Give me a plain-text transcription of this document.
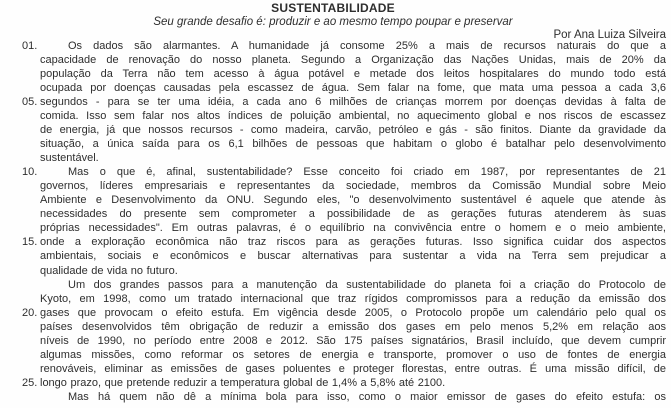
SUSTENTABILIDADE
Seu grande desafio é: produzir e ao mesmo tempo poupar e preservar
Por Ana Luiza Silveira
01.	Os dados são alarmantes. A humanidade já consome 25% a mais de recursos naturais do que a
capacidade de renovação do nosso planeta. Segundo a Organização das Nações Unidas, mais de 20% da
população da Terra não tem acesso à água potável e metade dos leitos hospitalares do mundo todo está
ocupada por doenças causadas pela escassez de água. Sem falar na fome, que mata uma pessoa a cada 3,6
05. segundos - para se ter uma idéia, a cada ano 6 milhões de crianças morrem por doenças devidas à falta de
comida. Isso sem falar nos altos índices de poluição ambiental, no aquecimento global e nos riscos de escassez
de energia, já que nossos recursos - como madeira, carvão, petróleo e gás - são finitos. Diante da gravidade da
situação, a única saída para os 6,1 bilhões de pessoas que habitam o globo é batalhar pelo desenvolvimento
sustentável.
10.	Mas o que é, afinal, sustentabilidade? Esse conceito foi criado em 1987, por representantes de 21
governos, líderes empresariais e representantes da sociedade, membros da Comissão Mundial sobre Meio
Ambiente e Desenvolvimento da ONU. Segundo eles, "o desenvolvimento sustentável é aquele que atende às
necessidades do presente sem comprometer a possibilidade de as gerações futuras atenderem às suas
próprias necessidades". Em outras palavras, é o equilíbrio na convivência entre o homem e o meio ambiente,
15. onde a exploração econômica não traz riscos para as gerações futuras. Isso significa cuidar dos aspectos
ambientais, sociais e econômicos e buscar alternativas para sustentar a vida na Terra sem prejudicar a
qualidade de vida no futuro.
Um dos grandes passos para a manutenção da sustentabilidade do planeta foi a criação do Protocolo de
Kyoto, em 1998, como um tratado internacional que traz rígidos compromissos para a redução da emissão dos
20. gases que provocam o efeito estufa. Em vigência desde 2005, o Protocolo propõe um calendário pelo qual os
países desenvolvidos têm obrigação de reduzir a emissão dos gases em pelo menos 5,2% em relação aos
níveis de 1990, no período entre 2008 e 2012. São 175 países signatários, Brasil incluído, que devem cumprir
algumas missões, como reformar os setores de energia e transporte, promover o uso de fontes de energia
renováveis, eliminar as emissões de gases poluentes e proteger florestas, entre outras. É uma missão difícil, de
25. longo prazo, que pretende reduzir a temperatura global de 1,4% a 5,8% até 2100.
Mas há quem não dê a mínima bola para isso, como o maior emissor de gases do efeito estufa: os
